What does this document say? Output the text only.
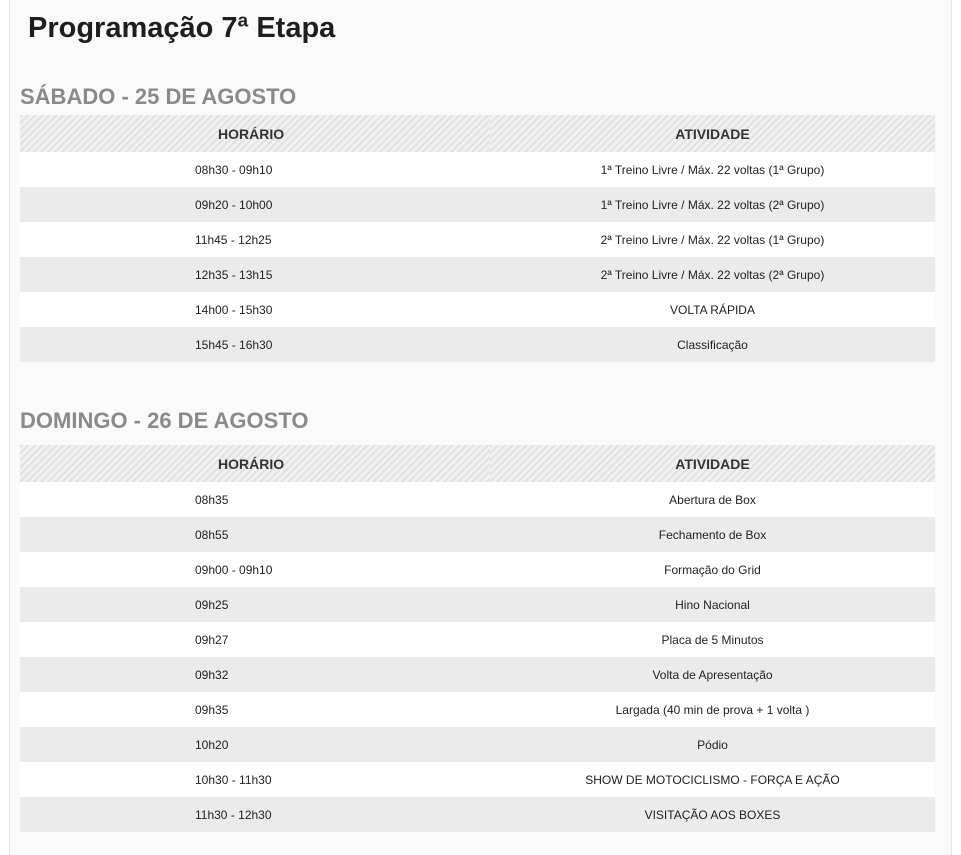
Programação 7ª Etapa
SÁBADO - 25 DE AGOSTO
HORÁRIO	ATIVIDADE
08h30 - 09h10	1ª Treino Livre / Máx. 22 voltas (1ª Grupo)
09h20 - 10h00	1ª Treino Livre / Máx. 22 voltas (2ª Grupo)
11h45 - 12h25	2ª Treino Livre / Máx. 22 voltas (1ª Grupo)
12h35 - 13h15	2ª Treino Livre / Máx. 22 voltas (2ª Grupo)
14h00 - 15h30	VOLTA RÁPIDA
15h45 - 16h30	Classificação
DOMINGO - 26 DE AGOSTO
HORÁRIO	ATIVIDADE
08h35	Abertura de Box
08h55	Fechamento de Box
09h00 - 09h10	Formação do Grid
09h25	Hino Nacional
09h27	Placa de 5 Minutos
09h32	Volta de Apresentação
09h35	Largada (40 min de prova + 1 volta )
10h20	Pódio
10h30 - 11h30	SHOW DE MOTOCICLISMO - FORÇA E AÇÃO
11h30 - 12h30	VISITAÇÃO AOS BOXES
